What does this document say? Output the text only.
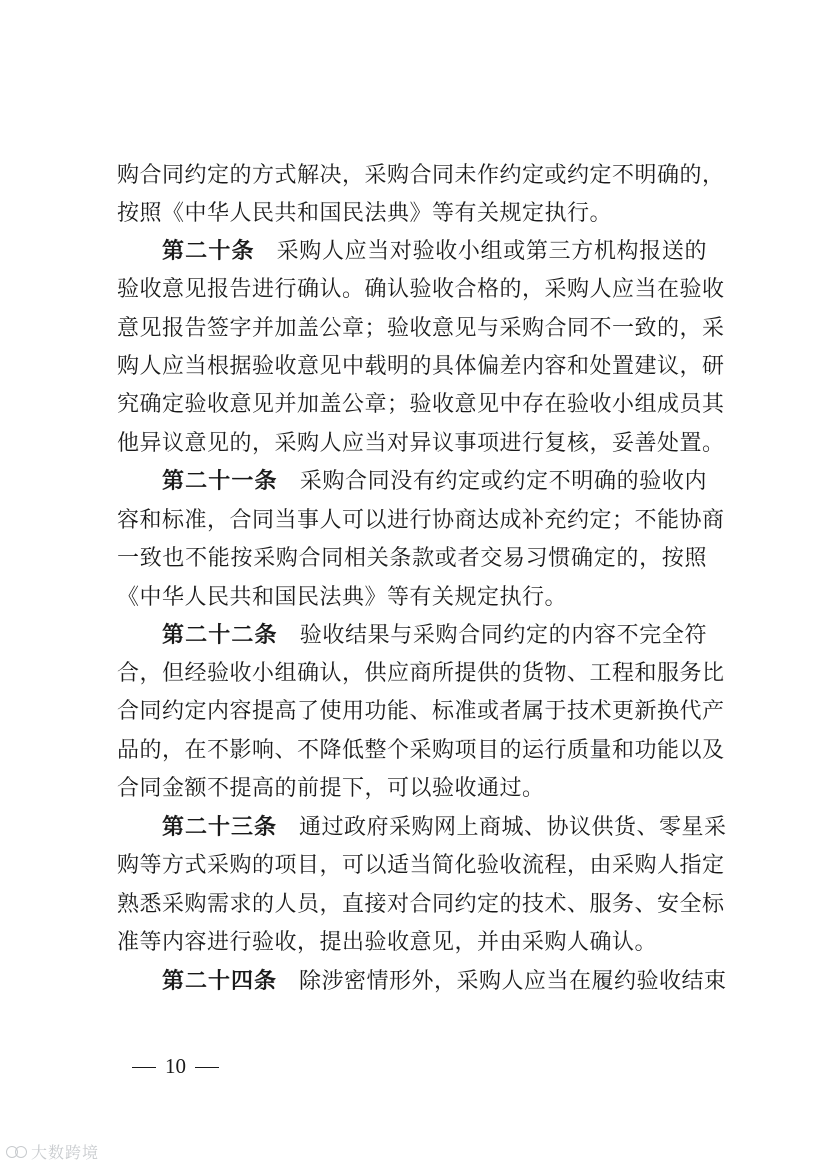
购合同约定的方式解决，采购合同未作约定或约定不明确的，
按照《中华人民共和国民法典》等有关规定执行。
第二十条 采购人应当对验收小组或第三方机构报送的
验收意见报告进行确认。确认验收合格的，采购人应当在验收
意见报告签字并加盖公章；验收意见与采购合同不一致的，采
购人应当根据验收意见中载明的具体偏差内容和处置建议，研
究确定验收意见并加盖公章；验收意见中存在验收小组成员其
他异议意见的，采购人应当对异议事项进行复核，妥善处置。
第二十一条 采购合同没有约定或约定不明确的验收内
容和标准，合同当事人可以进行协商达成补充约定；不能协商
一致也不能按采购合同相关条款或者交易习惯确定的，按照
《中华人民共和国民法典》等有关规定执行。
第二十二条 验收结果与采购合同约定的内容不完全符
合，但经验收小组确认，供应商所提供的货物、工程和服务比
合同约定内容提高了使用功能、标准或者属于技术更新换代产
品的，在不影响、不降低整个采购项目的运行质量和功能以及
合同金额不提高的前提下，可以验收通过。
第二十三条 通过政府采购网上商城、协议供货、零星采
购等方式采购的项目，可以适当简化验收流程，由采购人指定
熟悉采购需求的人员，直接对合同约定的技术、服务、安全标
准等内容进行验收，提出验收意见，并由采购人确认。
第二十四条 除涉密情形外，采购人应当在履约验收结束
10
大数跨境
